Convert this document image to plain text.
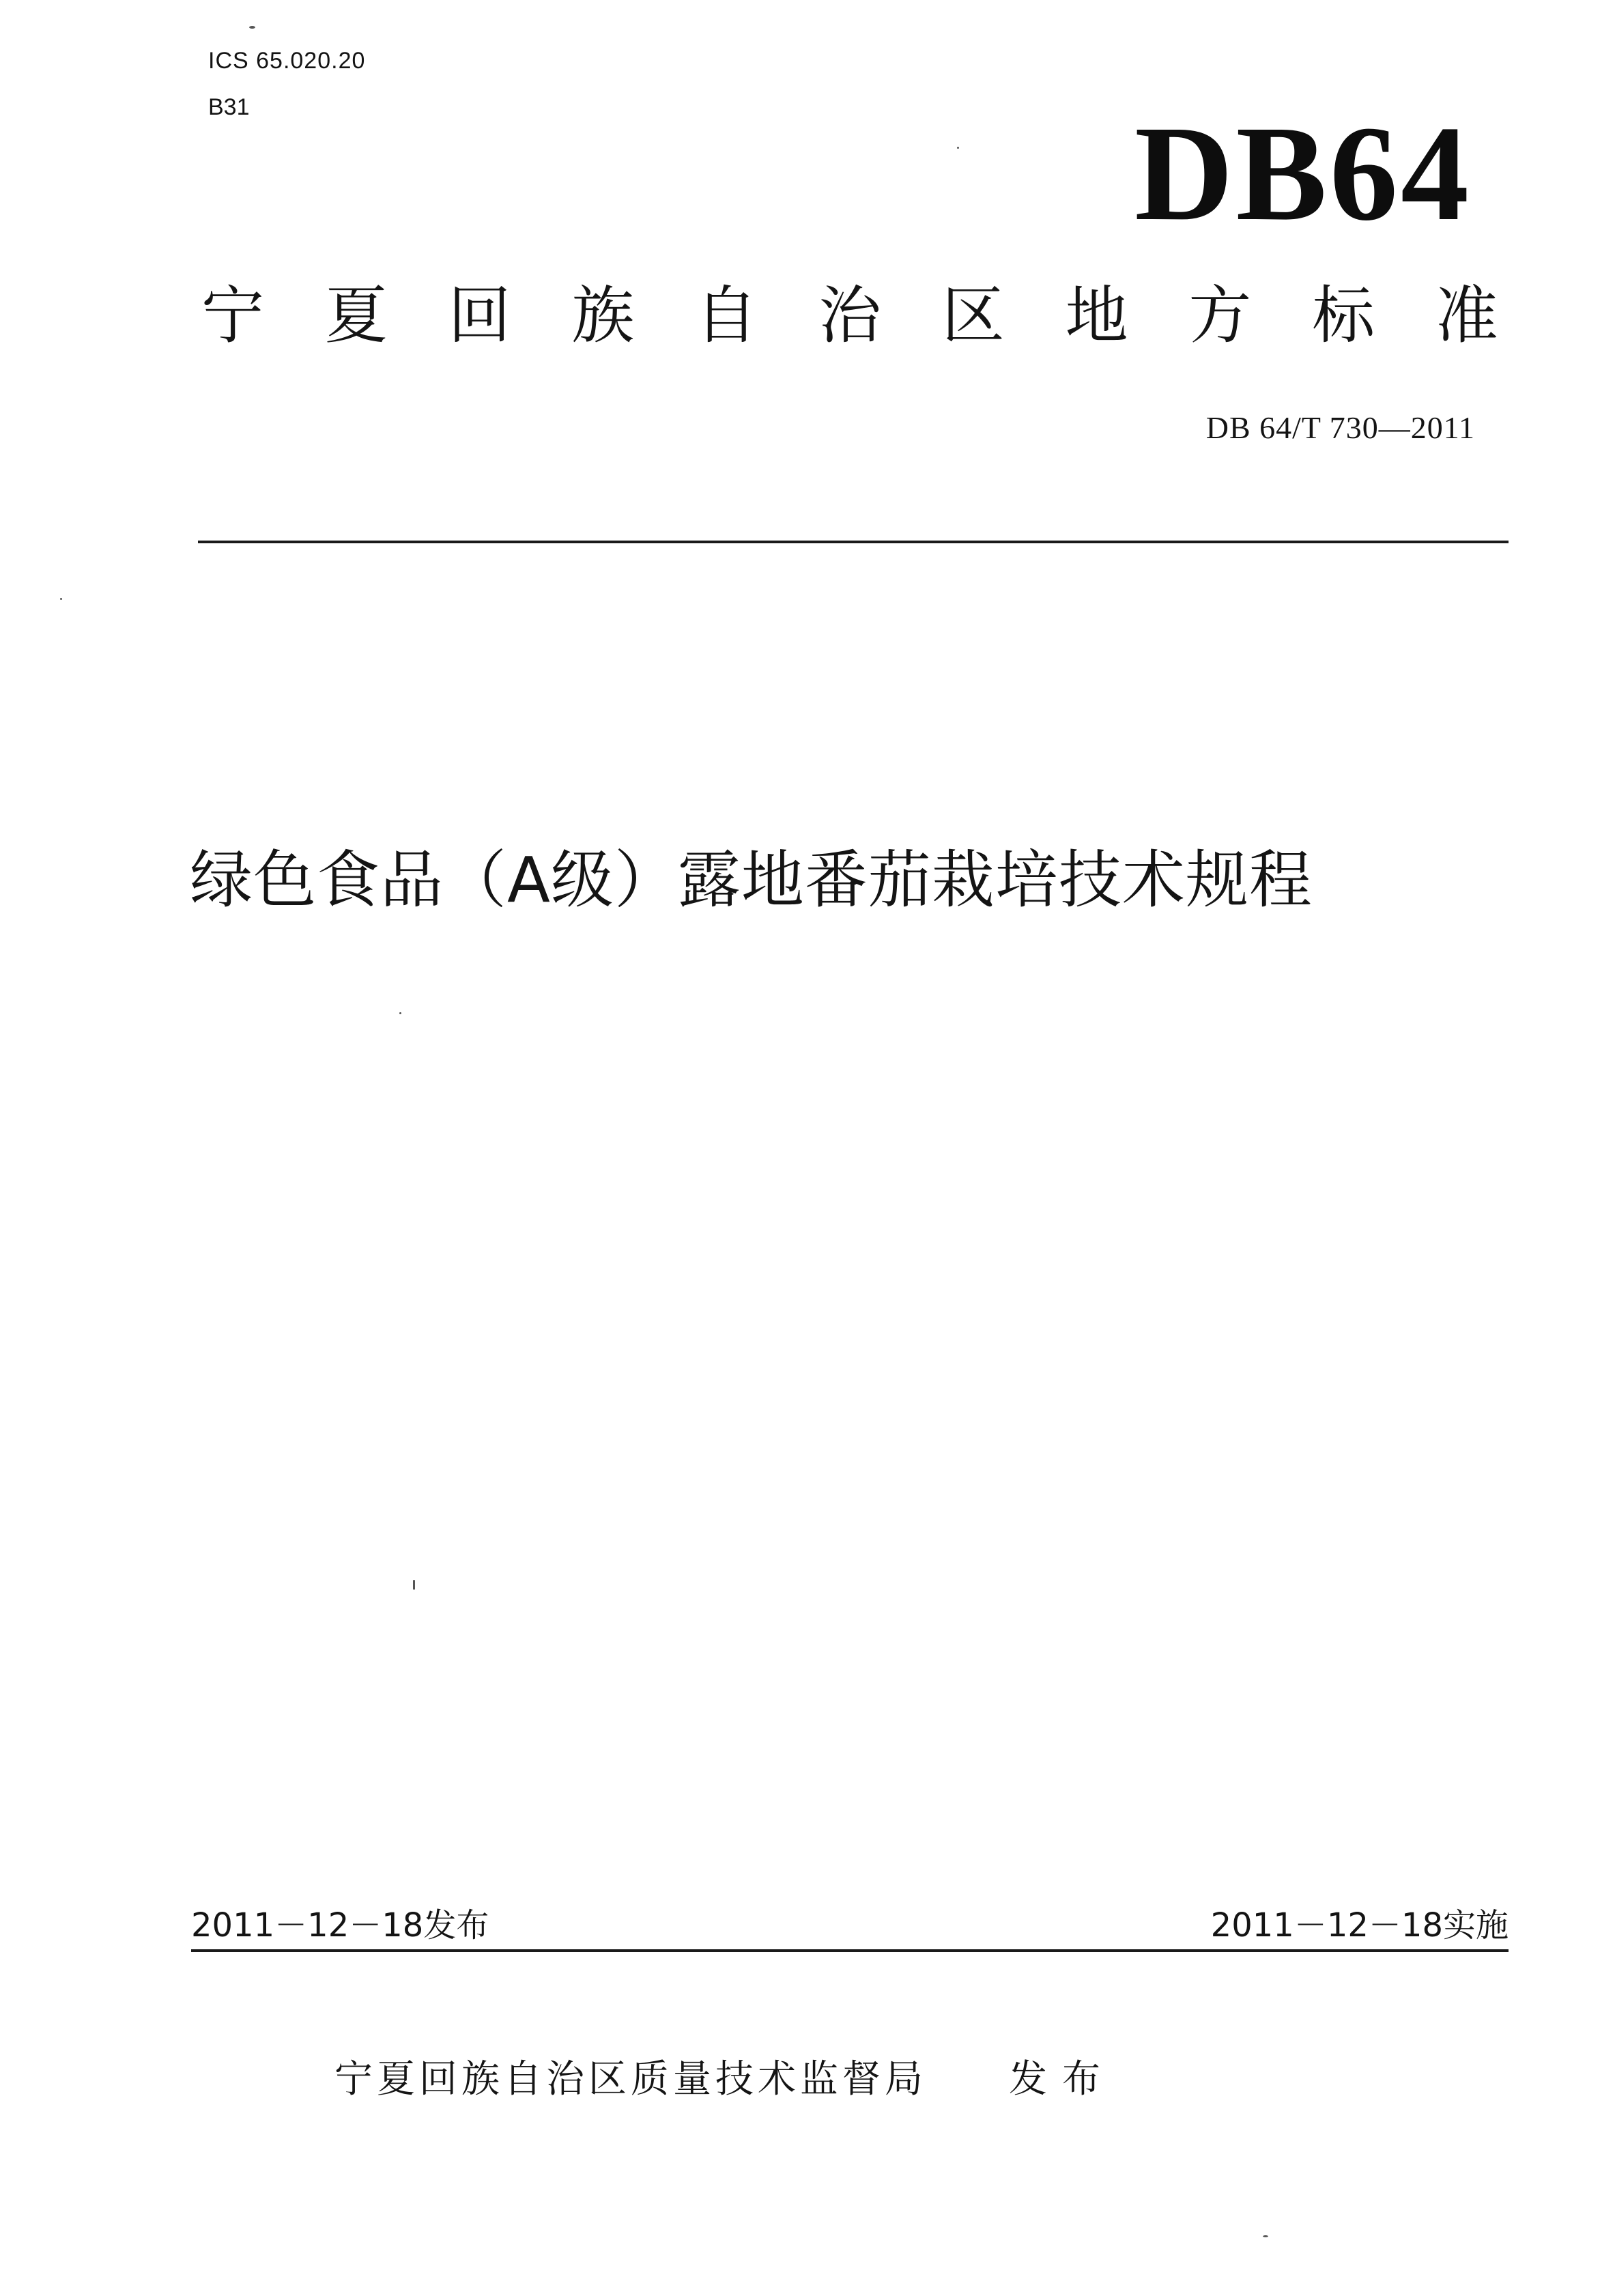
ICS 65.020.20
B31	DB64
宁 夏 回 族 自 治 区 地 方 标 准
DB 64/T 730—2011
绿色食品（A级）露地番茄栽培技术规程
2011－12－18发布	2011－12－18实施
宁夏回族自治区质量技术监督局 发布
